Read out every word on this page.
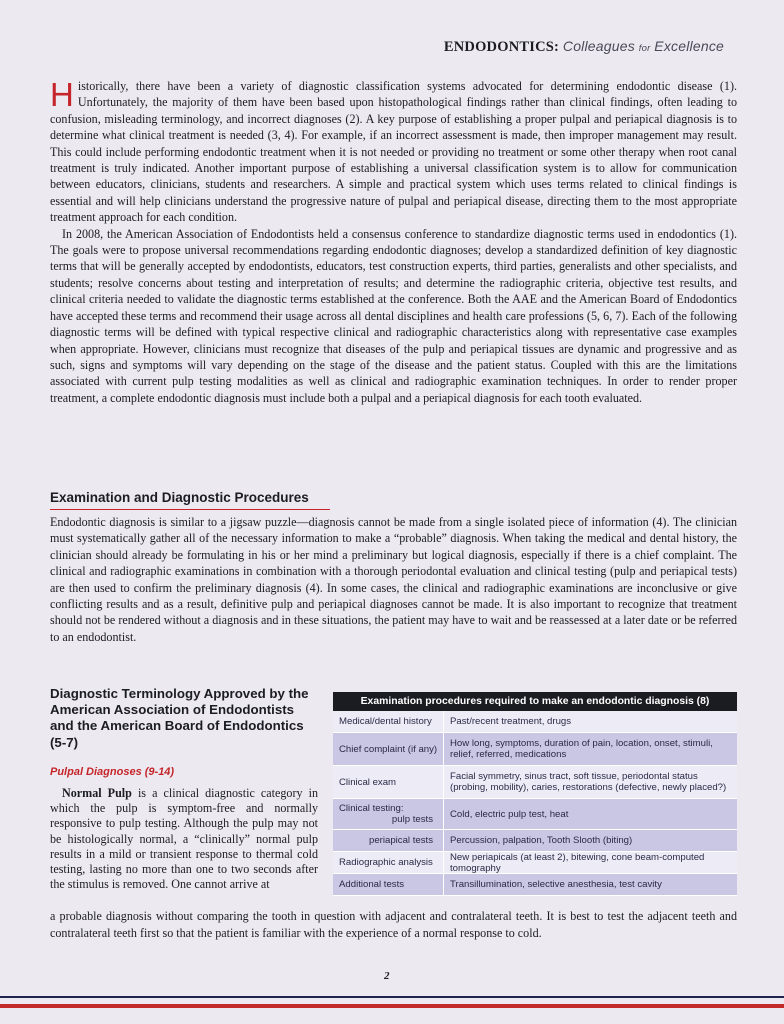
ENDODONTICS: Colleagues for Excellence

Historically, there have been a variety of diagnostic classification systems advocated for determining endodontic disease (1). Unfortunately, the majority of them have been based upon histopathological findings rather than clinical findings, often leading to confusion, misleading terminology, and incorrect diagnoses (2). A key purpose of establishing a proper pulpal and periapical diagnosis is to determine what clinical treatment is needed (3, 4). For example, if an incorrect assessment is made, then improper management may result. This could include performing endodontic treatment when it is not needed or providing no treatment or some other therapy when root canal treatment is truly indicated. Another important purpose of establishing a universal classification system is to allow for communication between educators, clinicians, students and researchers. A simple and practical system which uses terms related to clinical findings is essential and will help clinicians understand the progressive nature of pulpal and periapical disease, directing them to the most appropriate treatment approach for each condition.

In 2008, the American Association of Endodontists held a consensus conference to standardize diagnostic terms used in endodontics (1). The goals were to propose universal recommendations regarding endodontic diagnoses; develop a standardized definition of key diagnostic terms that will be generally accepted by endodontists, educators, test construction experts, third parties, generalists and other specialists, and students; resolve concerns about testing and interpretation of results; and determine the radiographic criteria, objective test results, and clinical criteria needed to validate the diagnostic terms established at the conference. Both the AAE and the American Board of Endodontics have accepted these terms and recommend their usage across all dental disciplines and health care professions (5, 6, 7). Each of the following diagnostic terms will be defined with typical respective clinical and radiographic characteristics along with representative case examples when appropriate. However, clinicians must recognize that diseases of the pulp and periapical tissues are dynamic and progressive and as such, signs and symptoms will vary depending on the stage of the disease and the patient status. Coupled with this are the limitations associated with current pulp testing modalities as well as clinical and radiographic examination techniques. In order to render proper treatment, a complete endodontic diagnosis must include both a pulpal and a periapical diagnosis for each tooth evaluated.

Examination and Diagnostic Procedures

Endodontic diagnosis is similar to a jigsaw puzzle—diagnosis cannot be made from a single isolated piece of information (4). The clinician must systematically gather all of the necessary information to make a “probable” diagnosis. When taking the medical and dental history, the clinician should already be formulating in his or her mind a preliminary but logical diagnosis, especially if there is a chief complaint. The clinical and radiographic examinations in combination with a thorough periodontal evaluation and clinical testing (pulp and periapical tests) are then used to confirm the preliminary diagnosis (4). In some cases, the clinical and radiographic examinations are inconclusive or give conflicting results and as a result, definitive pulp and periapical diagnoses cannot be made. It is also important to recognize that treatment should not be rendered without a diagnosis and in these situations, the patient may have to wait and be reassessed at a later date or be referred to an endodontist.

Diagnostic Terminology Approved by the American Association of Endodontists and the American Board of Endodontics (5-7)
Pulpal Diagnoses (9-14)

Normal Pulp is a clinical diagnostic category in which the pulp is symptom-free and normally responsive to pulp testing. Although the pulp may not be histologically normal, a “clinically” normal pulp results in a mild or transient response to thermal cold testing, lasting no more than one to two seconds after the stimulus is removed. One cannot arrive at

a probable diagnosis without comparing the tooth in question with adjacent and contralateral teeth. It is best to test the adjacent teeth and contralateral teeth first so that the patient is familiar with the experience of a normal response to cold.

Examination procedures required to make an endodontic diagnosis (8)
Medical/dental history	Past/recent treatment, drugs
Chief complaint (if any)	How long, symptoms, duration of pain, location, onset, stimuli, relief, referred, medications
Clinical exam	Facial symmetry, sinus tract, soft tissue, periodontal status (probing, mobility), caries, restorations (defective, newly placed?)
Clinical testing:
pulp tests	Cold, electric pulp test, heat
periapical tests	Percussion, palpation, Tooth Slooth (biting)
Radiographic analysis	New periapicals (at least 2), bitewing, cone beam-computed tomography
Additional tests	Transillumination, selective anesthesia, test cavity
2
